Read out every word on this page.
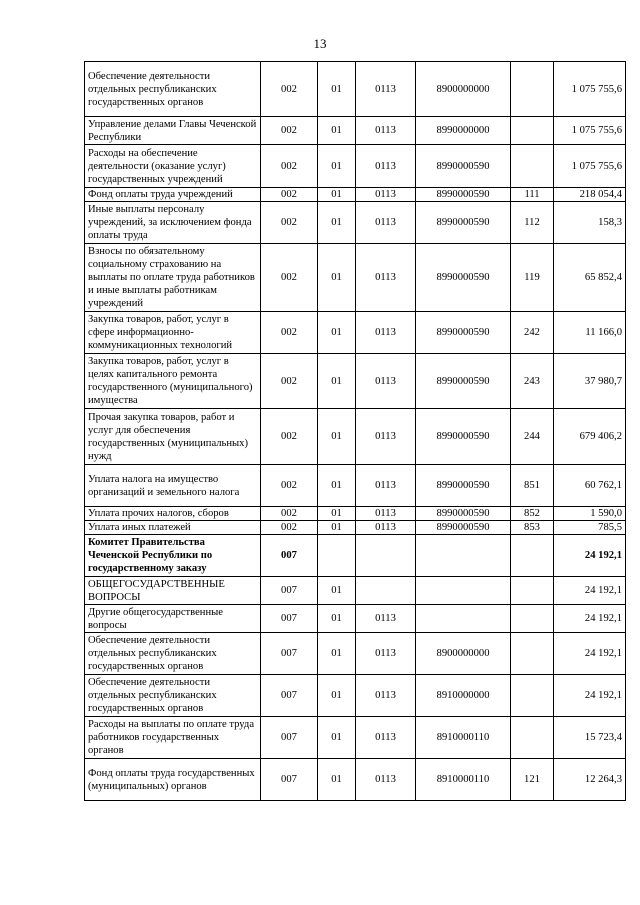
13
Обеспечение деятельности отдельных республиканских государственных органов	002	01	0113	8900000000		1 075 755,6
Управление делами Главы Чеченской Республики	002	01	0113	8990000000		1 075 755,6
Расходы на обеспечение деятельности (оказание услуг) государственных учреждений	002	01	0113	8990000590		1 075 755,6
Фонд оплаты труда учреждений	002	01	0113	8990000590	111	218 054,4
Иные выплаты персоналу учреждений, за исключением фонда оплаты труда	002	01	0113	8990000590	112	158,3
Взносы по обязательному социальному страхованию на выплаты по оплате труда работников и иные выплаты работникам учреждений	002	01	0113	8990000590	119	65 852,4
Закупка товаров, работ, услуг в сфере информационно-коммуникационных технологий	002	01	0113	8990000590	242	11 166,0
Закупка товаров, работ, услуг в целях капитального ремонта государственного (муниципального) имущества	002	01	0113	8990000590	243	37 980,7
Прочая закупка товаров, работ и услуг для обеспечения государственных (муниципальных) нужд	002	01	0113	8990000590	244	679 406,2
Уплата налога на имущество организаций и земельного налога	002	01	0113	8990000590	851	60 762,1
Уплата прочих налогов, сборов	002	01	0113	8990000590	852	1 590,0
Уплата иных платежей	002	01	0113	8990000590	853	785,5
Комитет Правительства Чеченской Республики по государственному заказу	007					24 192,1
ОБЩЕГОСУДАРСТВЕННЫЕ ВОПРОСЫ	007	01				24 192,1
Другие общегосударственные вопросы	007	01	0113			24 192,1
Обеспечение деятельности отдельных республиканских государственных органов	007	01	0113	8900000000		24 192,1
Обеспечение деятельности отдельных республиканских государственных органов	007	01	0113	8910000000		24 192,1
Расходы на выплаты по оплате труда работников государственных органов	007	01	0113	8910000110		15 723,4
Фонд оплаты труда государственных (муниципальных) органов	007	01	0113	8910000110	121	12 264,3
